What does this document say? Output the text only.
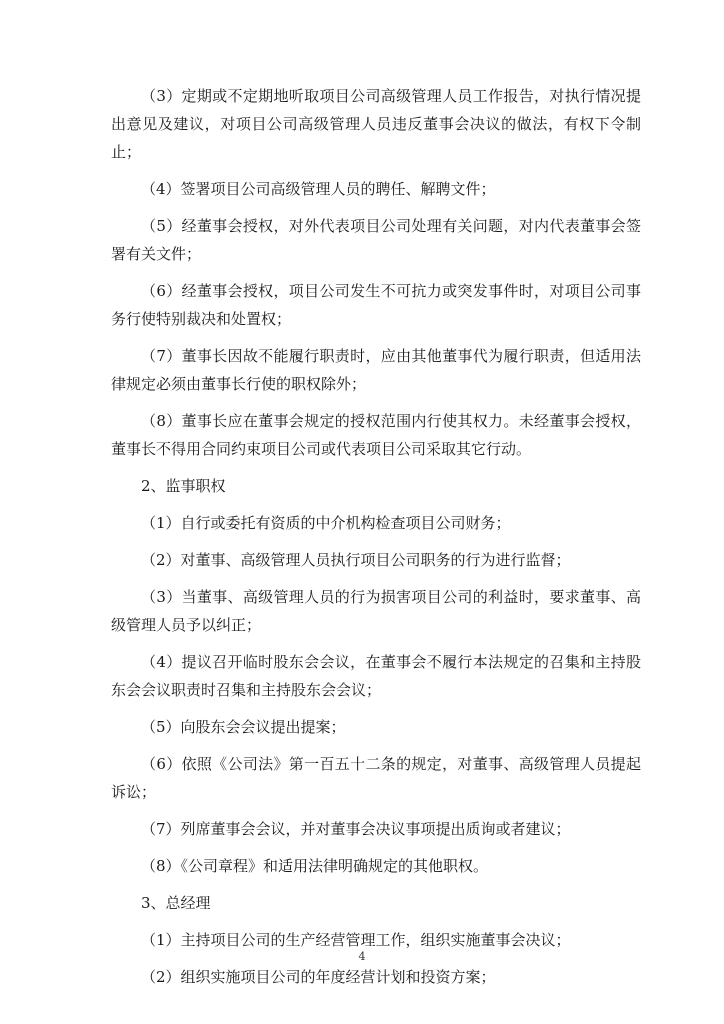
（3）定期或不定期地听取项目公司高级管理人员工作报告，对执行情况提出意见及建议，对项目公司高级管理人员违反董事会决议的做法，有权下令制止；

（4）签署项目公司高级管理人员的聘任、解聘文件；

（5）经董事会授权，对外代表项目公司处理有关问题，对内代表董事会签署有关文件；

（6）经董事会授权，项目公司发生不可抗力或突发事件时，对项目公司事务行使特别裁决和处置权；

（7）董事长因故不能履行职责时，应由其他董事代为履行职责，但适用法律规定必须由董事长行使的职权除外；

（8）董事长应在董事会规定的授权范围内行使其权力。未经董事会授权，董事长不得用合同约束项目公司或代表项目公司采取其它行动。

2、监事职权

（1）自行或委托有资质的中介机构检查项目公司财务；

（2）对董事、高级管理人员执行项目公司职务的行为进行监督；

（3）当董事、高级管理人员的行为损害项目公司的利益时，要求董事、高级管理人员予以纠正；

（4）提议召开临时股东会会议，在董事会不履行本法规定的召集和主持股东会会议职责时召集和主持股东会会议；

（5）向股东会会议提出提案；

（6）依照《公司法》第一百五十二条的规定，对董事、高级管理人员提起诉讼；

（7）列席董事会会议，并对董事会决议事项提出质询或者建议；

（8）《公司章程》和适用法律明确规定的其他职权。

3、总经理

（1）主持项目公司的生产经营管理工作，组织实施董事会决议；

（2）组织实施项目公司的年度经营计划和投资方案；

4
